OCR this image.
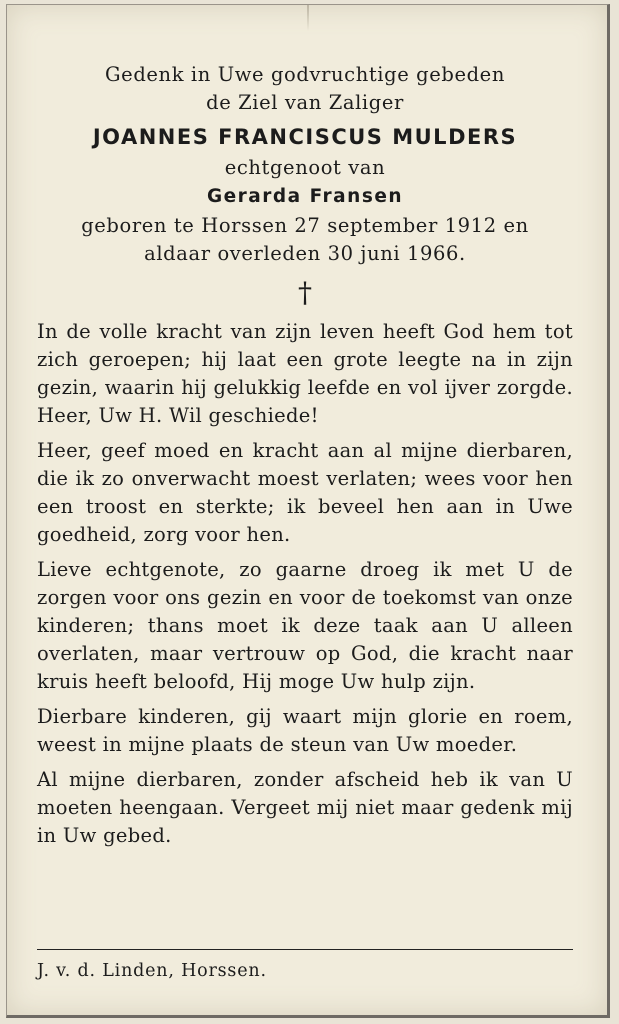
Gedenk in Uwe godvruchtige gebeden
de Ziel van Zaliger
JOANNES FRANCISCUS MULDERS
echtgenoot van
Gerarda Fransen
geboren te Horssen 27 september 1912 en
aldaar overleden 30 juni 1966.
†

In de volle kracht van zijn leven heeft God hem tot zich geroepen; hij laat een grote leegte na in zijn gezin, waarin hij gelukkig leefde en vol ijver zorgde. Heer, Uw H. Wil geschiede!

Heer, geef moed en kracht aan al mijne dierbaren, die ik zo onverwacht moest verlaten; wees voor hen een troost en sterkte; ik beveel hen aan in Uwe goedheid, zorg voor hen.

Lieve echtgenote, zo gaarne droeg ik met U de zorgen voor ons gezin en voor de toekomst van onze kinderen; thans moet ik deze taak aan U alleen overlaten, maar vertrouw op God, die kracht naar kruis heeft beloofd, Hij moge Uw hulp zijn.

Dierbare kinderen, gij waart mijn glorie en roem, weest in mijne plaats de steun van Uw moeder.

Al mijne dierbaren, zonder afscheid heb ik van U moeten heengaan. Vergeet mij niet maar gedenk mij in Uw gebed.

J. v. d. Linden, Horssen.
